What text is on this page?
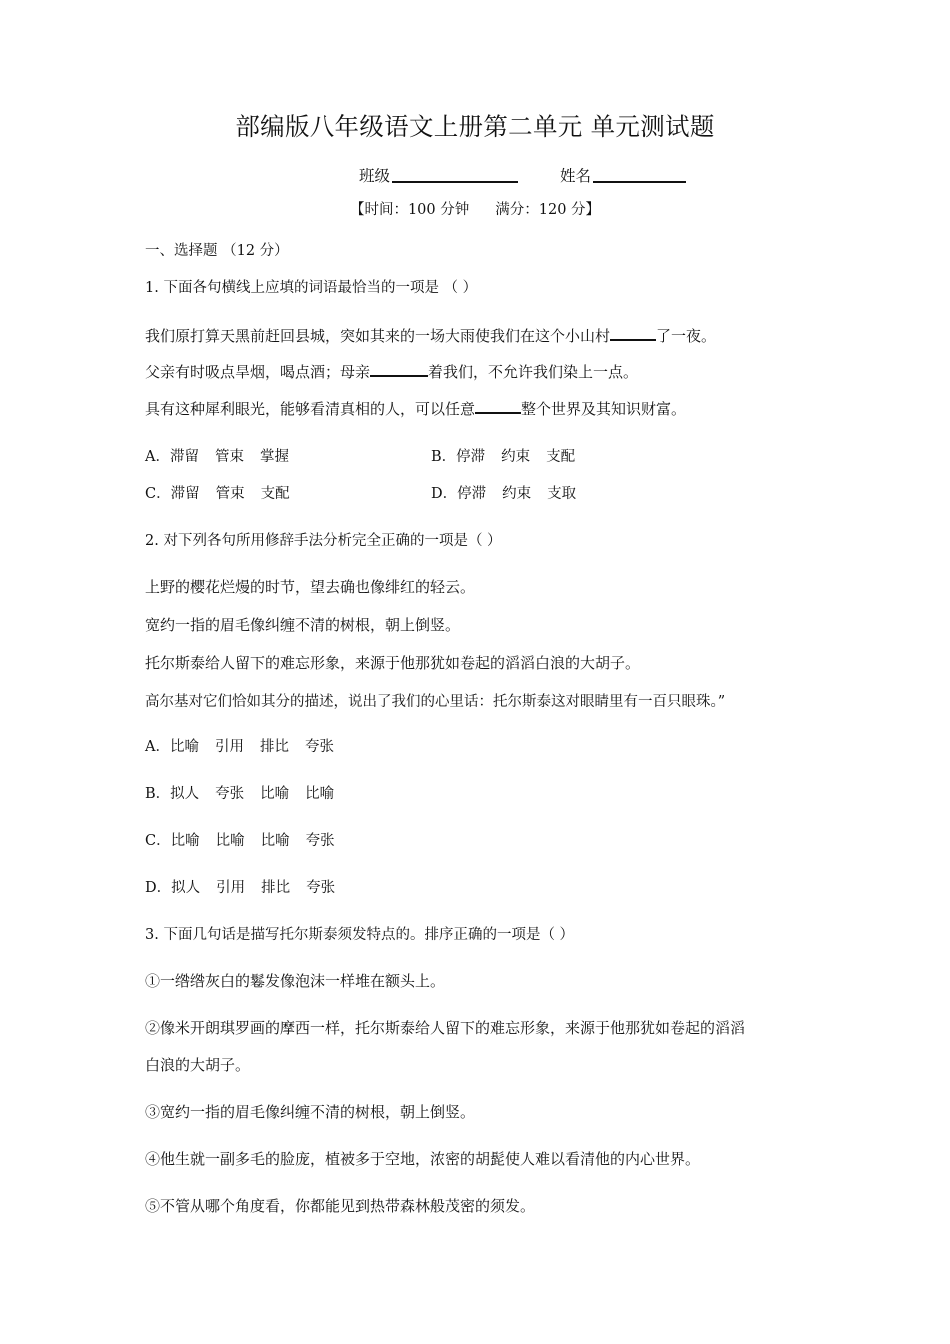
部编版八年级语文上册第二单元 单元测试题
班级	姓名
【时间：100 分钟 满分：120 分】
一、选择题 （12 分）
1. 下面各句横线上应填的词语最恰当的一项是 （ ）
我们原打算天黑前赶回县城，突如其来的一场大雨使我们在这个小山村	了一夜。
父亲有时吸点旱烟，喝点酒；母亲	着我们，不允许我们染上一点。
具有这种犀利眼光，能够看清真相的人，可以任意	整个世界及其知识财富。
A．滞留 管束 掌握	B．停滞 约束 支配
C．滞留 管束 支配	D．停滞 约束 支取
2. 对下列各句所用修辞手法分析完全正确的一项是（ ）
上野的樱花烂熳的时节，望去确也像绯红的轻云。
宽约一指的眉毛像纠缠不清的树根，朝上倒竖。
托尔斯泰给人留下的难忘形象，来源于他那犹如卷起的滔滔白浪的大胡子。
高尔基对它们恰如其分的描述，说出了我们的心里话：托尔斯泰这对眼睛里有一百只眼珠。”
A．比喻 引用 排比 夸张
B．拟人 夸张 比喻 比喻
C．比喻 比喻 比喻 夸张
D．拟人 引用 排比 夸张
3. 下面几句话是描写托尔斯泰须发特点的。排序正确的一项是（ ）
①一绺绺灰白的鬈发像泡沫一样堆在额头上。
②像米开朗琪罗画的摩西一样，托尔斯泰给人留下的难忘形象，来源于他那犹如卷起的滔滔
白浪的大胡子。
③宽约一指的眉毛像纠缠不清的树根，朝上倒竖。
④他生就一副多毛的脸庞，植被多于空地，浓密的胡髭使人难以看清他的内心世界。
⑤不管从哪个角度看，你都能见到热带森林般茂密的须发。
